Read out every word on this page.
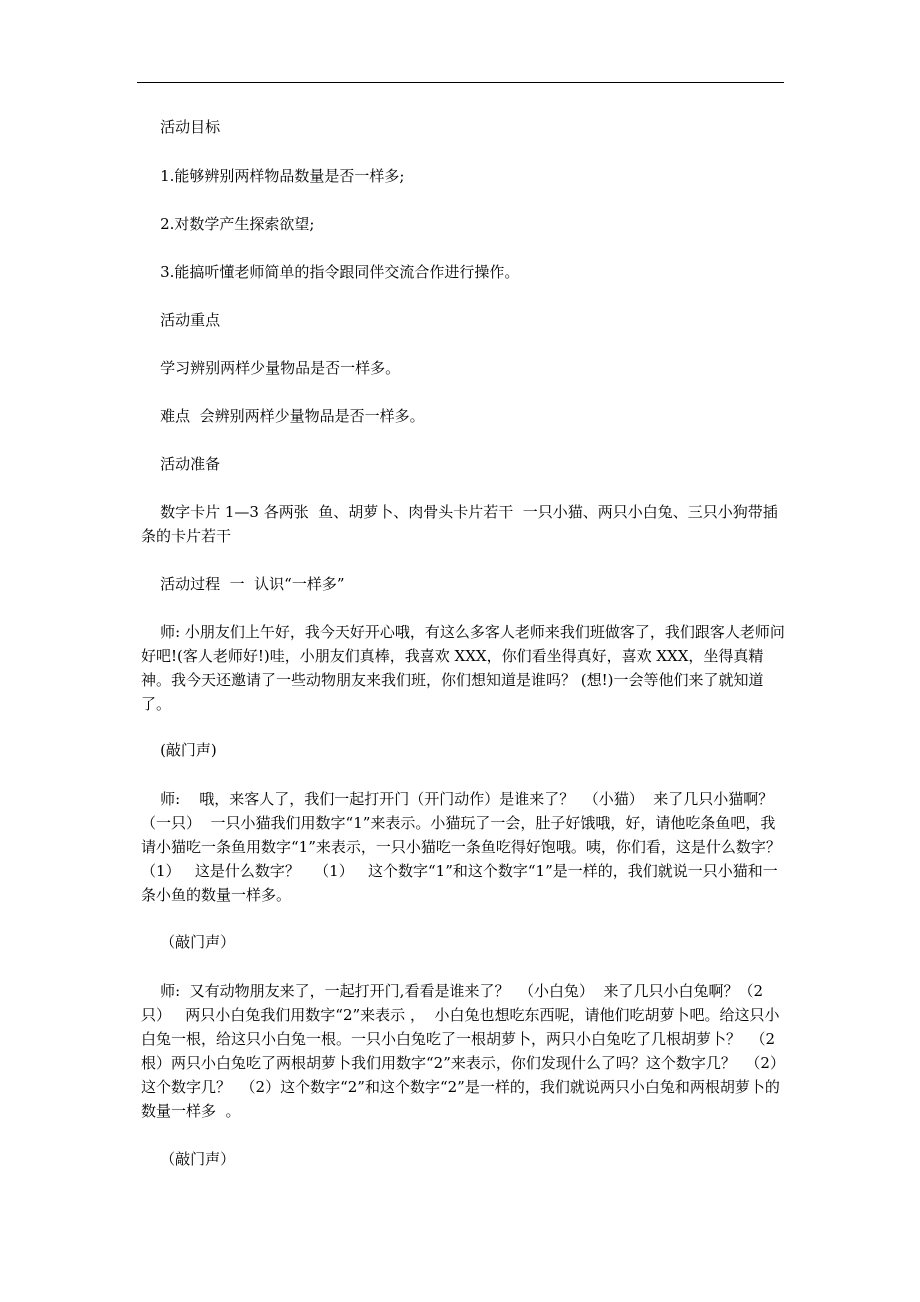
活动目标

1.能够辨别两样物品数量是否一样多;

2.对数学产生探索欲望;

3.能搞听懂老师简单的指令跟同伴交流合作进行操作。

活动重点

学习辨别两样少量物品是否一样多。

难点  会辨别两样少量物品是否一样多。

活动准备

数字卡片 1—3 各两张  鱼、胡萝卜、肉骨头卡片若干  一只小猫、两只小白兔、三只小狗带插条的卡片若干

活动过程  一  认识“一样多”

师: 小朋友们上午好，我今天好开心哦，有这么多客人老师来我们班做客了，我们跟客人老师问好吧!(客人老师好!)哇，小朋友们真棒，我喜欢 XXX，你们看坐得真好，喜欢 XXX，坐得真精神。我今天还邀请了一些动物朋友来我们班，你们想知道是谁吗？ (想!)一会等他们来了就知道了。

(敲门声)

师:    哦，来客人了，我们一起打开门（开门动作）是谁来了？  （小猫）  来了几只小猫啊？  （一只）  一只小猫我们用数字“1”来表示。小猫玩了一会，肚子好饿哦，好，请他吃条鱼吧，我请小猫吃一条鱼用数字“1”来表示，一只小猫吃一条鱼吃得好饱哦。咦，你们看，这是什么数字？  （1）   这是什么数字？   （1）   这个数字“1”和这个数字“1”是一样的，我们就说一只小猫和一条小鱼的数量一样多。

（敲门声）

师:  又有动物朋友来了，一起打开门,看看是谁来了？  （小白兔）  来了几只小白兔啊？（2只）   两只小白兔我们用数字“2”来表示 ，  小白兔也想吃东西呢，请他们吃胡萝卜吧。给这只小白兔一根，给这只小白兔一根。一只小白兔吃了一根胡萝卜，两只小白兔吃了几根胡萝卜？  （2根）两只小白兔吃了两根胡萝卜我们用数字“2”来表示，你们发现什么了吗？这个数字几？  （2）   这个数字几？  （2）这个数字“2”和这个数字“2”是一样的，我们就说两只小白兔和两根胡萝卜的数量一样多  。

（敲门声）
